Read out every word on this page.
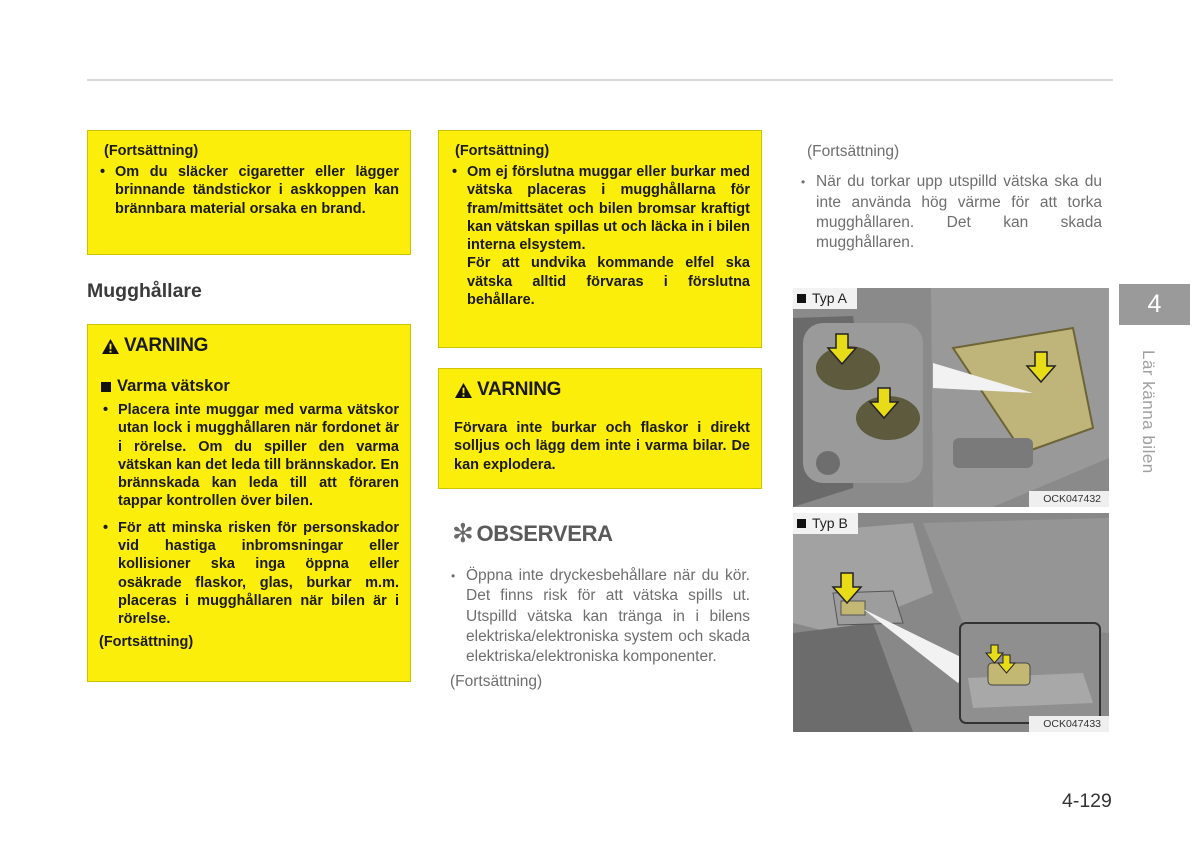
(Fortsättning)
• Om du släcker cigaretter eller lägger brinnande tändstickor i askkoppen kan brännbara material orsaka en brand.
Mugghållare
VARNING
Varma vätskor
• Placera inte muggar med varma vätskor utan lock i mugghållaren när fordonet är i rörelse. Om du spiller den varma vätskan kan det leda till brännskador. En brännskada kan leda till att föraren tappar kontrollen över bilen.
• För att minska risken för personskador vid hastiga inbromsningar eller kollisioner ska inga öppna eller osäkrade flaskor, glas, burkar m.m. placeras i mugghållaren när bilen är i rörelse.
(Fortsättning)
(Fortsättning)
• Om ej förslutna muggar eller burkar med vätska placeras i mugghållarna för fram/mittsätet och bilen bromsar kraftigt kan vätskan spillas ut och läcka in i bilen interna elsystem.
För att undvika kommande elfel ska vätska alltid förvaras i förslutna behållare.
VARNING
Förvara inte burkar och flaskor i direkt solljus och lägg dem inte i varma bilar. De kan explodera.
✻ OBSERVERA
• Öppna inte dryckesbehållare när du kör. Det finns risk för att vätska spills ut. Utspilld vätska kan tränga in i bilens elektriska/elektroniska system och skada elektriska/elektroniska komponenter.
(Fortsättning)
(Fortsättning)
• När du torkar upp utspilld vätska ska du inte använda hög värme för att torka mugghållaren. Det kan skada mugghållaren.
Typ A
OCK047432
Typ B
OCK047433
4
Lär känna bilen
4-129
